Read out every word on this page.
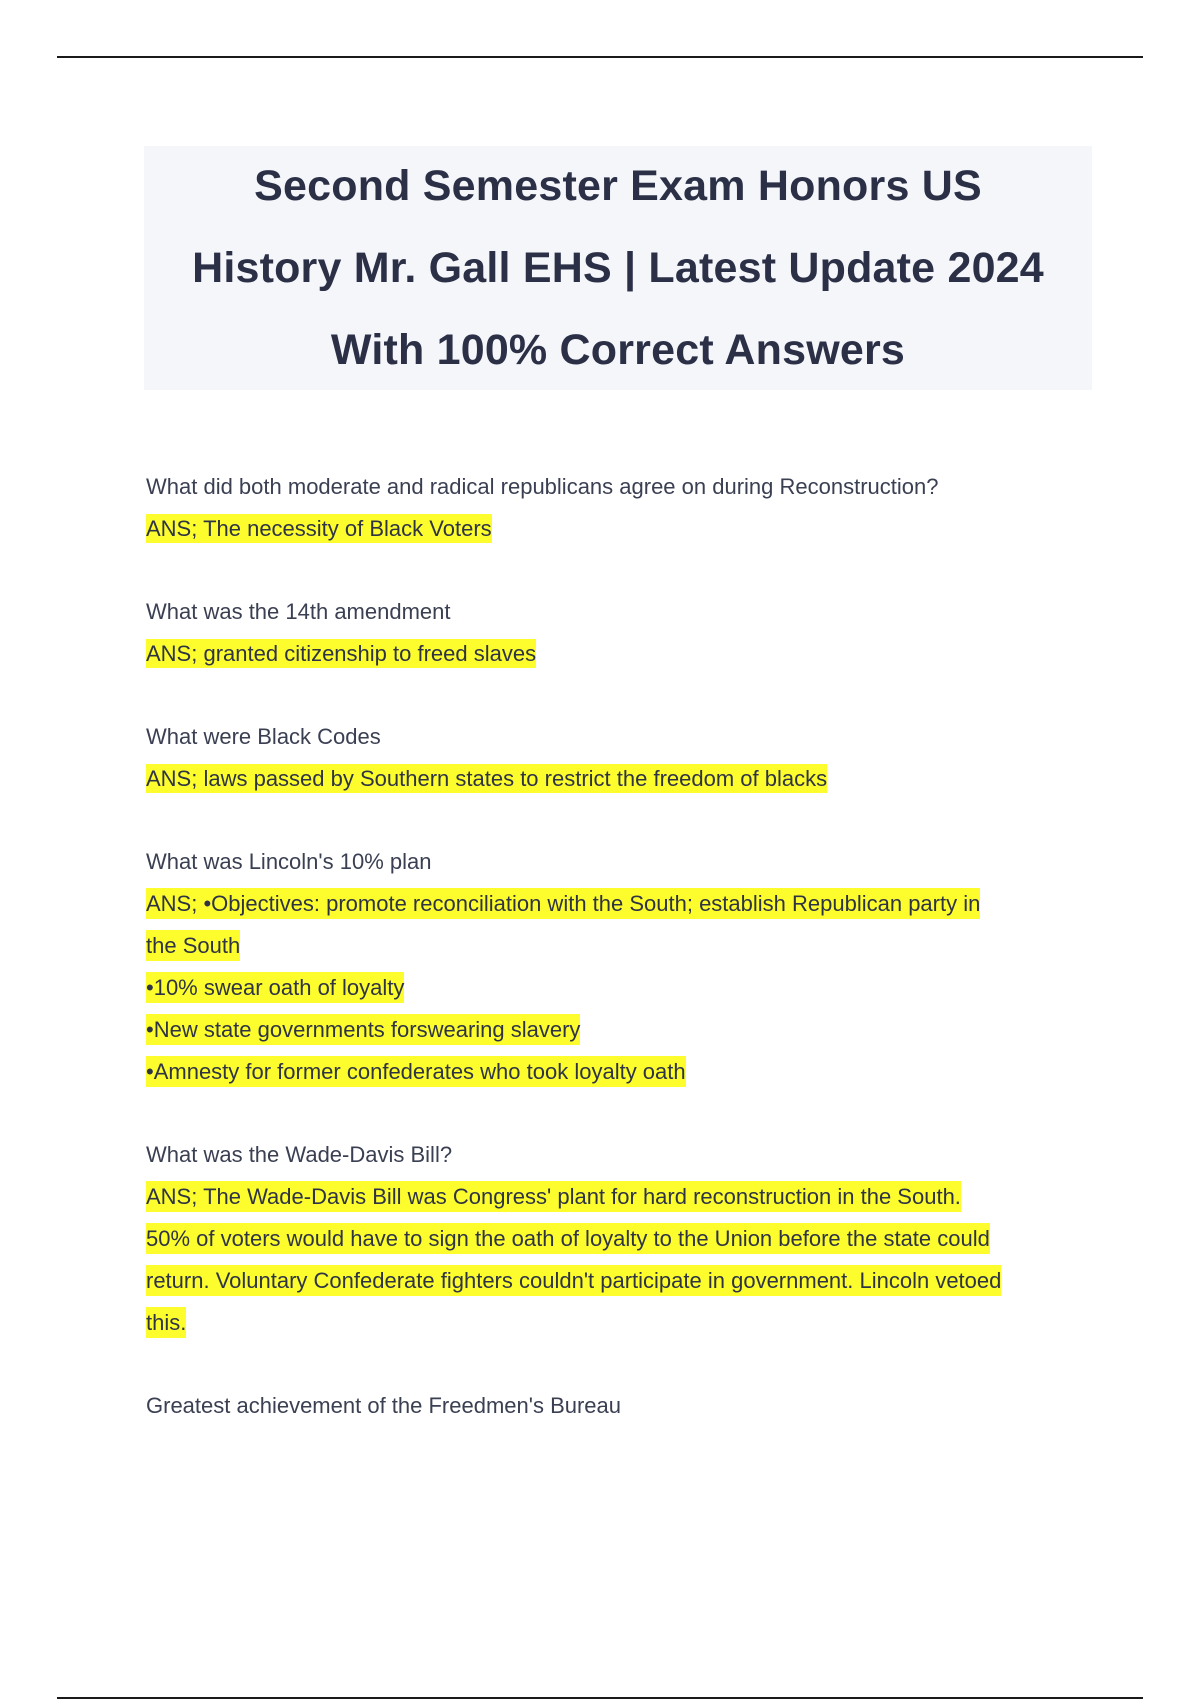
Second Semester Exam Honors US
History Mr. Gall EHS | Latest Update 2024
With 100% Correct Answers
What did both moderate and radical republicans agree on during Reconstruction?
ANS; The necessity of Black Voters
What was the 14th amendment
ANS; granted citizenship to freed slaves
What were Black Codes
ANS; laws passed by Southern states to restrict the freedom of blacks
What was Lincoln's 10% plan
ANS; •Objectives: promote reconciliation with the South; establish Republican party in
the South
•10% swear oath of loyalty
•New state governments forswearing slavery
•Amnesty for former confederates who took loyalty oath
What was the Wade-Davis Bill?
ANS; The Wade-Davis Bill was Congress' plant for hard reconstruction in the South.
50% of voters would have to sign the oath of loyalty to the Union before the state could
return. Voluntary Confederate fighters couldn't participate in government. Lincoln vetoed
this.
Greatest achievement of the Freedmen's Bureau
